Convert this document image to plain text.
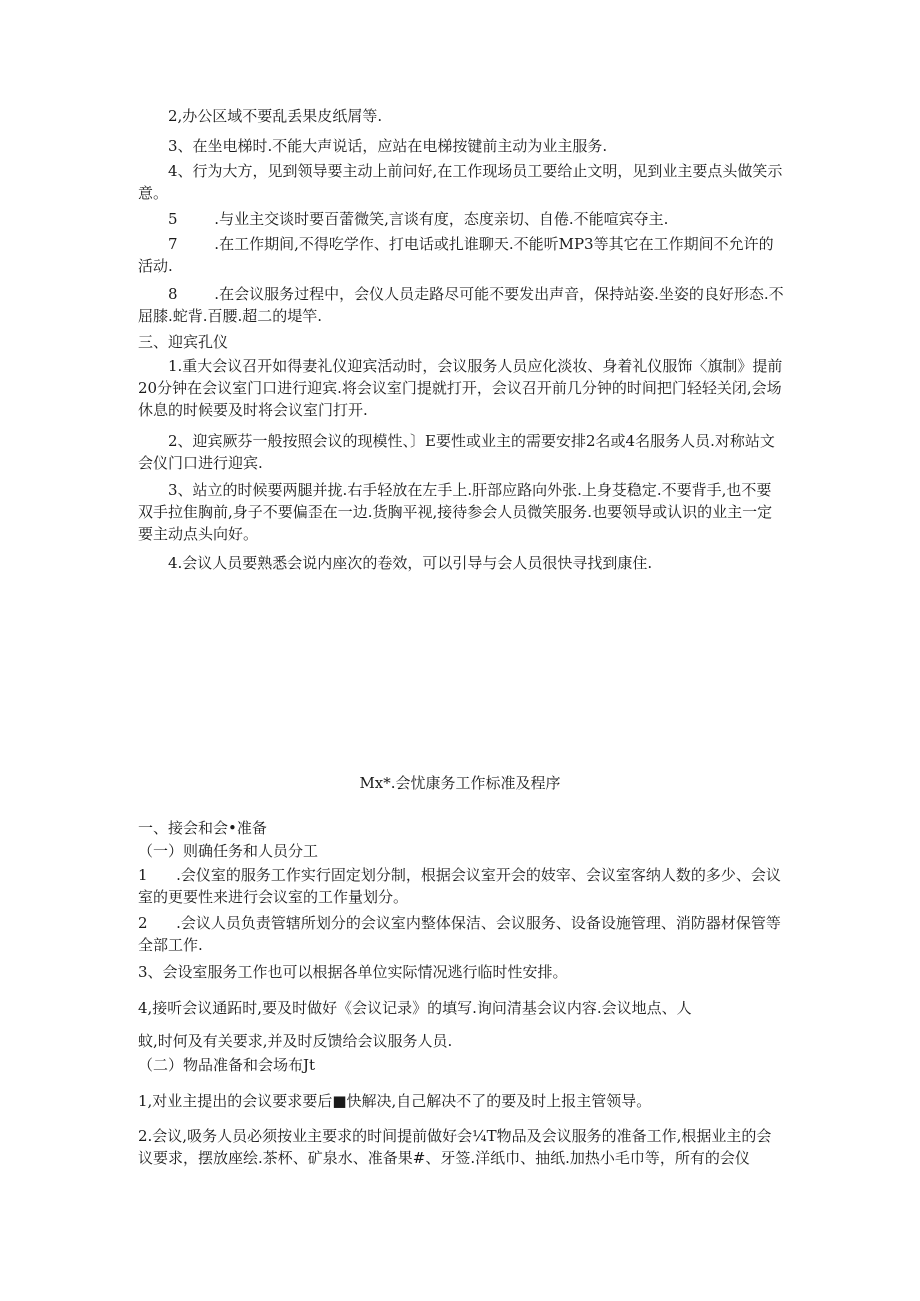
2,办公区域不要乱丢果皮纸屑等.
3、在坐电梯时.不能大声说话，应站在电梯按键前主动为业主服务.
4、行为大方，见到领导要主动上前问好,在工作现场员工要给止文明，见到业主要点头做笑示意。
5	.与业主交谈时要百蕾微笑,言谈有度，态度亲切、自倦.不能喧宾夺主.
7	.在工作期间,不得吃学作、打电话或扎谁聊天.不能听MP3等其它在工作期间不允许的活动.
8	.在会议服务过程中，会仪人员走路尽可能不要发出声音，保持站姿.坐姿的良好形态.不屈膝.蛇背.百腰.超二的堤竿.
三、迎宾孔仪
1.重大会议召开如得妻礼仪迎宾活动时，会议服务人员应化淡妆、身着礼仪服饰〈旗制》提前20分钟在会议室门口进行迎宾.将会议室门提就打开，会议召开前几分钟的时间把门轻轻关闭,会场休息的时候要及时将会议室门打开.
2、迎宾厥芬一般按照会议的现模性、〕E要性或业主的需要安排2名或4名服务人员.对称站文会仪门口进行迎宾.
3、站立的时候要两腿并拢.右手轻放在左手上.肝部应路向外张.上身芟稳定.不要背手,也不要双手拉隹胸前,身子不要偏歪在一边.货胸平视,接待参会人员微笑服务.也要领导或认识的业主一定要主动点头向好。
4.会议人员要熟悉会说内座次的卷效，可以引导与会人员很快寻找到康住.
Mx*.会忧康务工作标准及程序
一、接会和会•准备
（一）则确任务和人员分工
1	.会仪室的服务工作实行固定划分制，根据会议室开会的妓宰、会议室客纳人数的多少、会议室的更要性来进行会议室的工作量划分。
2	.会议人员负责管辖所划分的会议室内整体保洁、会议服务、设备设施管理、消防器材保管等全部工作.
3、会设室服务工作也可以根据各单位实际情况逃行临时性安排。
4,接听会议通跖时,要及时做好《会议记录》的填写.询问清基会议内容.会议地点、人
蚊,时何及有关要求,并及时反馈给会议服务人员.
（二）物品准备和会场布Jt
1,对业主提出的会议要求要后■快解决,自己解决不了的要及时上报主管领导。
2.会议,吸务人员必须按业主要求的时间提前做好会¼T物品及会议服务的准备工作,根据业主的会议要求，摆放座绘.茶杯、矿泉水、准备果#、牙签.洋纸巾、抽纸.加热小毛巾等，所有的会仪
